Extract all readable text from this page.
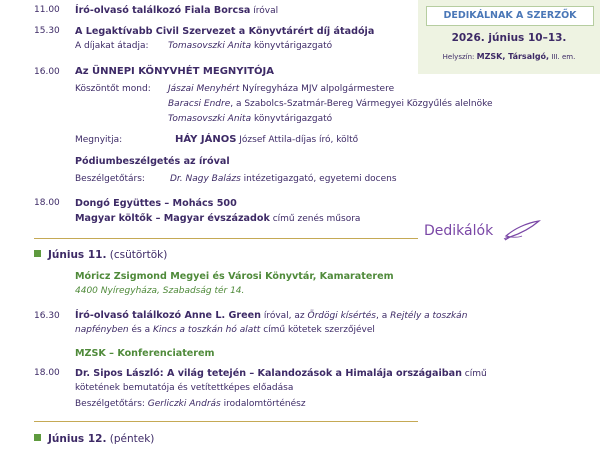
DEDIKÁLNAK A SZERZŐK
2026. június 10–13.
Helyszín: MZSK, Társalgó, III. em.
11.00 Író-olvasó találkozó Fiala Borcsa íróval
15.30 A Legaktívabb Civil Szervezet a Könyvtárért díj átadója
A díjakat átadja: Tomasovszki Anita könyvtárigazgató
16.00 Az ÜNNEPI KÖNYVHÉT MEGNYITÓJA
Köszöntőt mond: Jászai Menyhért Nyíregyháza MJV alpolgármestere
Baracsi Endre, a Szabolcs-Szatmár-Bereg Vármegyei Közgyűlés alelnöke
Tomasovszki Anita könyvtárigazgató
Megnyitja:	HÁY JÁNOS József Attila-díjas író, költő
Pódiumbeszélgetés az íróval
Beszélgetőtárs:	Dr. Nagy Balázs intézetigazgató, egyetemi docens
18.00 Dongó Együttes – Mohács 500
Magyar költők – Magyar évszázadok című zenés műsora
Dedikálók
Június 11. (csütörtök)
Móricz Zsigmond Megyei és Városi Könyvtár, Kamaraterem
4400 Nyíregyháza, Szabadság tér 14.
16.30 Író-olvasó találkozó Anne L. Green íróval, az Ördögi kísértés, a Rejtély a toszkán
napfényben és a Kincs a toszkán hó alatt című kötetek szerzőjével
MZSK – Konferenciaterem
18.00 Dr. Sipos László: A világ tetején – Kalandozások a Himalája országaiban című
kötetének bemutatója és vetítettképes előadása
Beszélgetőtárs: Gerliczki András irodalomtörténész
Június 12. (péntek)
